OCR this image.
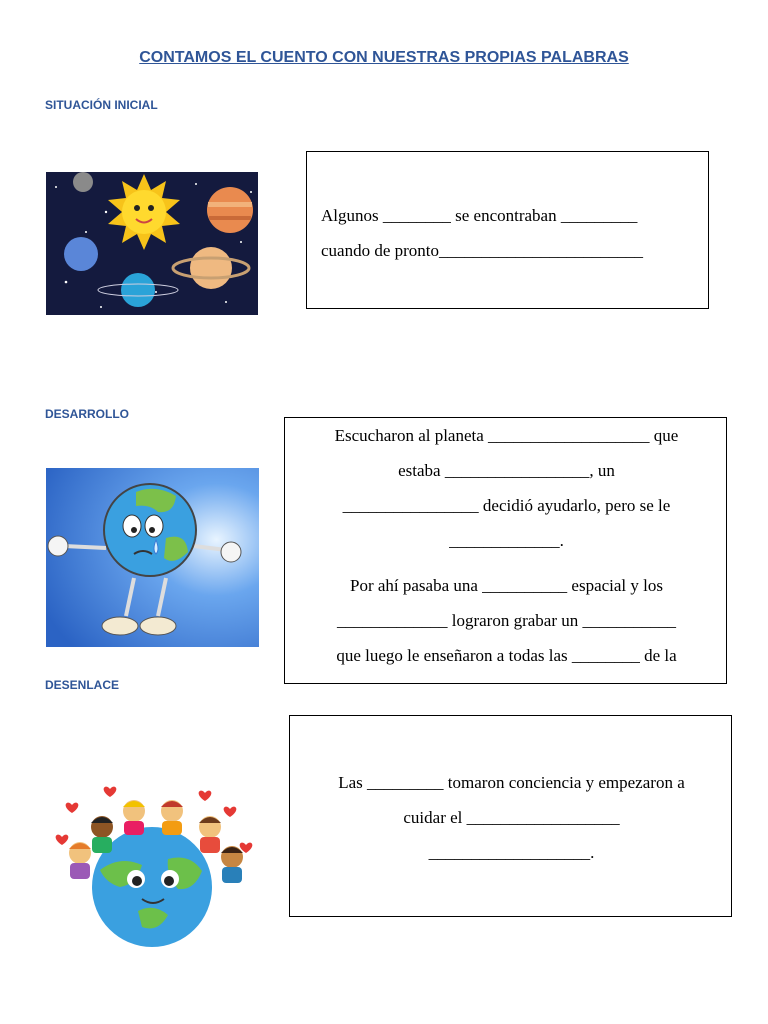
CONTAMOS EL CUENTO CON NUESTRAS PROPIAS PALABRAS
SITUACIÓN INICIAL

Algunos ________ se encontraban _________

cuando de pronto________________________

DESARROLLO

Escucharon al planeta ___________________ que

estaba _________________, un

________________ decidió ayudarlo, pero se le

_____________.

Por ahí pasaba una __________ espacial y los

_____________ lograron grabar un ___________

que luego le enseñaron a todas las ________ de la

DESENLACE

Las _________ tomaron conciencia y empezaron a

cuidar el __________________

___________________.
